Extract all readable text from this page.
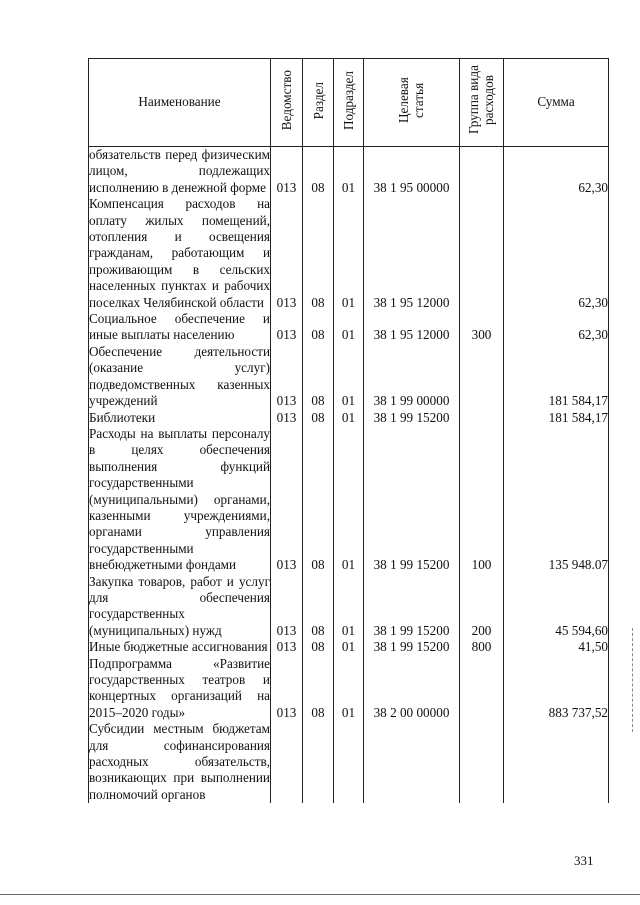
Наименование	Ведомство	Раздел	Подраздел	Целевая статья	Группа вида расходов	Сумма
обязательств перед физическим лицом, подлежащих исполнению в денежной форме	013	08	01	38 1 95 00000		62,30
Компенсация расходов на оплату жилых помещений, отопления и освещения гражданам, работающим и проживающим в сельских населенных пунктах и рабочих поселках Челябинской области	013	08	01	38 1 95 12000		62,30
Социальное обеспечение и иные выплаты населению	013	08	01	38 1 95 12000	300	62,30
Обеспечение деятельности (оказание услуг) подведомственных казенных учреждений	013	08	01	38 1 99 00000		181 584,17
Библиотеки	013	08	01	38 1 99 15200		181 584,17
Расходы на выплаты персоналу в целях обеспечения выполнения функций государственными (муниципальными) органами, казенными учреждениями, органами управления государственными внебюджетными фондами	013	08	01	38 1 99 15200	100	135 948.07
Закупка товаров, работ и услуг для обеспечения государственных (муниципальных) нужд	013	08	01	38 1 99 15200	200	45 594,60
Иные бюджетные ассигнования	013	08	01	38 1 99 15200	800	41,50
Подпрограмма «Развитие государственных театров и концертных организаций на 2015–2020 годы»	013	08	01	38 2 00 00000		883 737,52
Субсидии местным бюджетам для софинансирования расходных обязательств, возникающих при выполнении полномочий органов						
331
